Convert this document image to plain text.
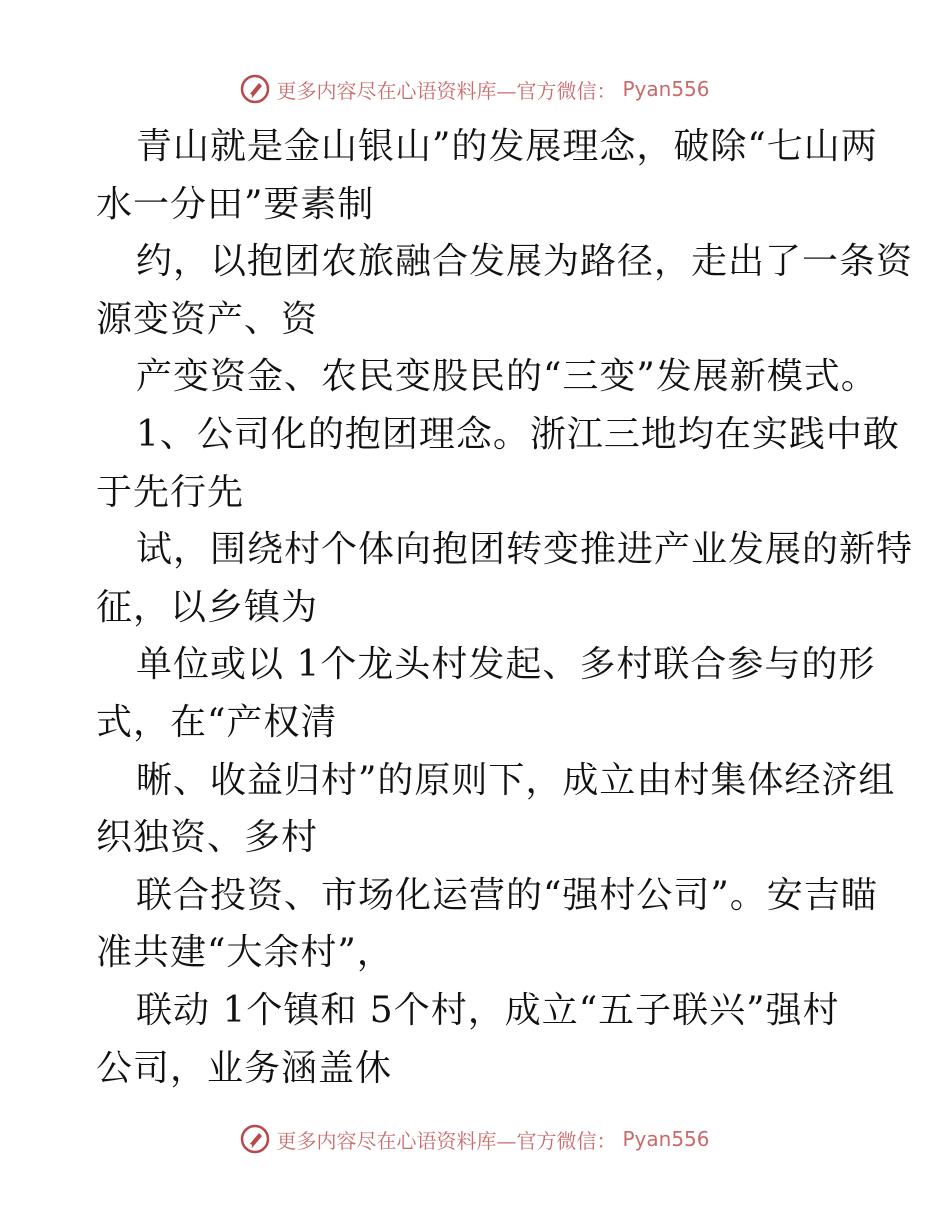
更多内容尽在心语资料库—官方微信： Pyan556
青山就是金山银山”的发展理念，破除“七山两
水一分田”要素制
约，以抱团农旅融合发展为路径，走出了一条资
源变资产、资
产变资金、农民变股民的“三变”发展新模式。
1、公司化的抱团理念。浙江三地均在实践中敢
于先行先
试，围绕村个体向抱团转变推进产业发展的新特
征，以乡镇为
单位或以 1个龙头村发起、多村联合参与的形
式，在“产权清
晰、收益归村”的原则下，成立由村集体经济组
织独资、多村
联合投资、市场化运营的“强村公司”。安吉瞄
准共建“大余村”，
联动 1个镇和 5个村，成立“五子联兴”强村
公司，业务涵盖休
更多内容尽在心语资料库—官方微信： Pyan556
